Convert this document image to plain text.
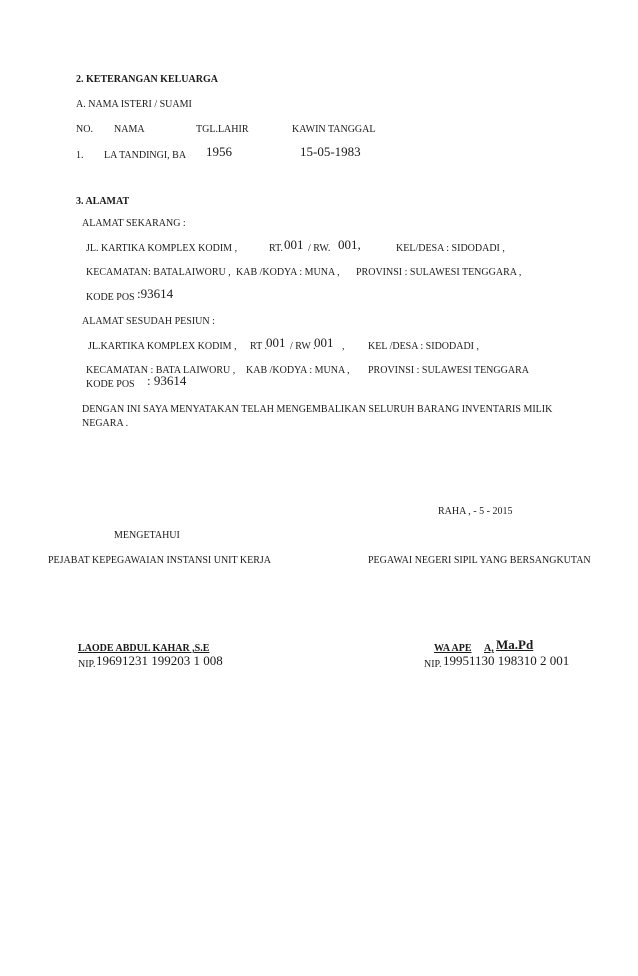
2. KETERANGAN KELUARGA
A. NAMA ISTERI / SUAMI
NO. NAMA	TGL.LAHIR	KAWIN TANGGAL
1. LA TANDINGI, BA 1956	15-05-1983
3. ALAMAT
ALAMAT SEKARANG :
JL. KARTIKA KOMPLEX KODIM ,	RT. 001 / RW. 001,	KEL/DESA : SIDODADI ,
KECAMATAN: BATALAIWORU , KAB /KODYA : MUNA , PROVINSI : SULAWESI TENGGARA ,
KODE POS :93614
ALAMAT SESUDAH PESIUN :
JL.KARTIKA KOMPLEX KODIM , RT . 001 / RW .
001 , KEL /DESA : SIDODADI ,
KECAMATAN : BATA LAIWORU , KAB /KODYA : MUNA , PROVINSI : SULAWESI TENGGARA
KODE POS : 93614
DENGAN INI SAYA MENYATAKAN TELAH MENGEMBALIKAN SELURUH BARANG INVENTARIS MILIK
NEGARA .
RAHA , - 5 - 2015
MENGETAHUI
PEJABAT KEPEGAWAIAN INSTANSI UNIT KERJA	PEGAWAI NEGERI SIPIL YANG BERSANGKUTAN
LAODE ABDUL KAHAR ,S.E
NIP. 19691231 199203 1 008
WA APE A, Ma.Pd
NIP. 19951130 198310 2 001
